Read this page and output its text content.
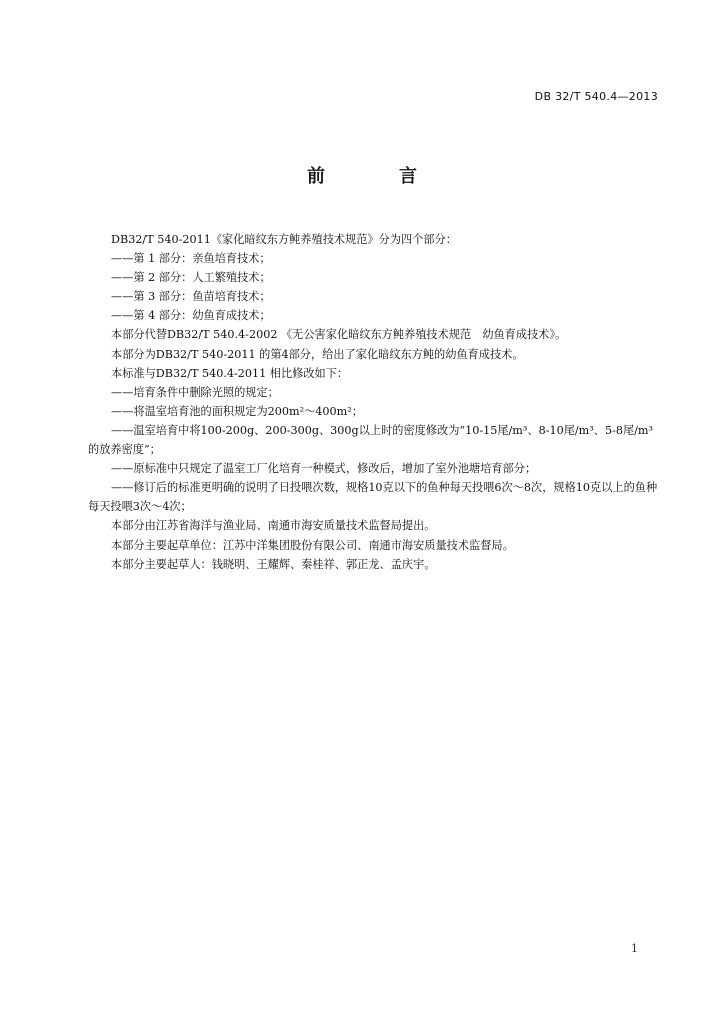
DB 32/T 540.4—2013
前　言

DB32/T 540-2011《家化暗纹东方鲀养殖技术规范》分为四个部分：

——第 1 部分：亲鱼培育技术；

——第 2 部分：人工繁殖技术；

——第 3 部分：鱼苗培育技术；

——第 4 部分：幼鱼育成技术；

本部分代替DB32/T 540.4-2002 《无公害家化暗纹东方鲀养殖技术规范　幼鱼育成技术》。

本部分为DB32/T 540-2011 的第4部分，给出了家化暗纹东方鲀的幼鱼育成技术。

本标准与DB32/T 540.4-2011 相比修改如下：

——培育条件中删除光照的规定；

——将温室培育池的面积规定为200m²～400m²；

——温室培育中将100-200g、200-300g、300g以上时的密度修改为“10-15尾/m³、8-10尾/m³、5-8尾/m³的放养密度”；

——原标准中只规定了温室工厂化培育一种模式，修改后，增加了室外池塘培育部分；

——修订后的标准更明确的说明了日投喂次数，规格10克以下的鱼种每天投喂6次～8次，规格10克以上的鱼种每天投喂3次～4次；

本部分由江苏省海洋与渔业局、南通市海安质量技术监督局提出。

本部分主要起草单位：江苏中洋集团股份有限公司、南通市海安质量技术监督局。

本部分主要起草人：钱晓明、王耀辉、秦桂祥、郭正龙、孟庆宇。

1
